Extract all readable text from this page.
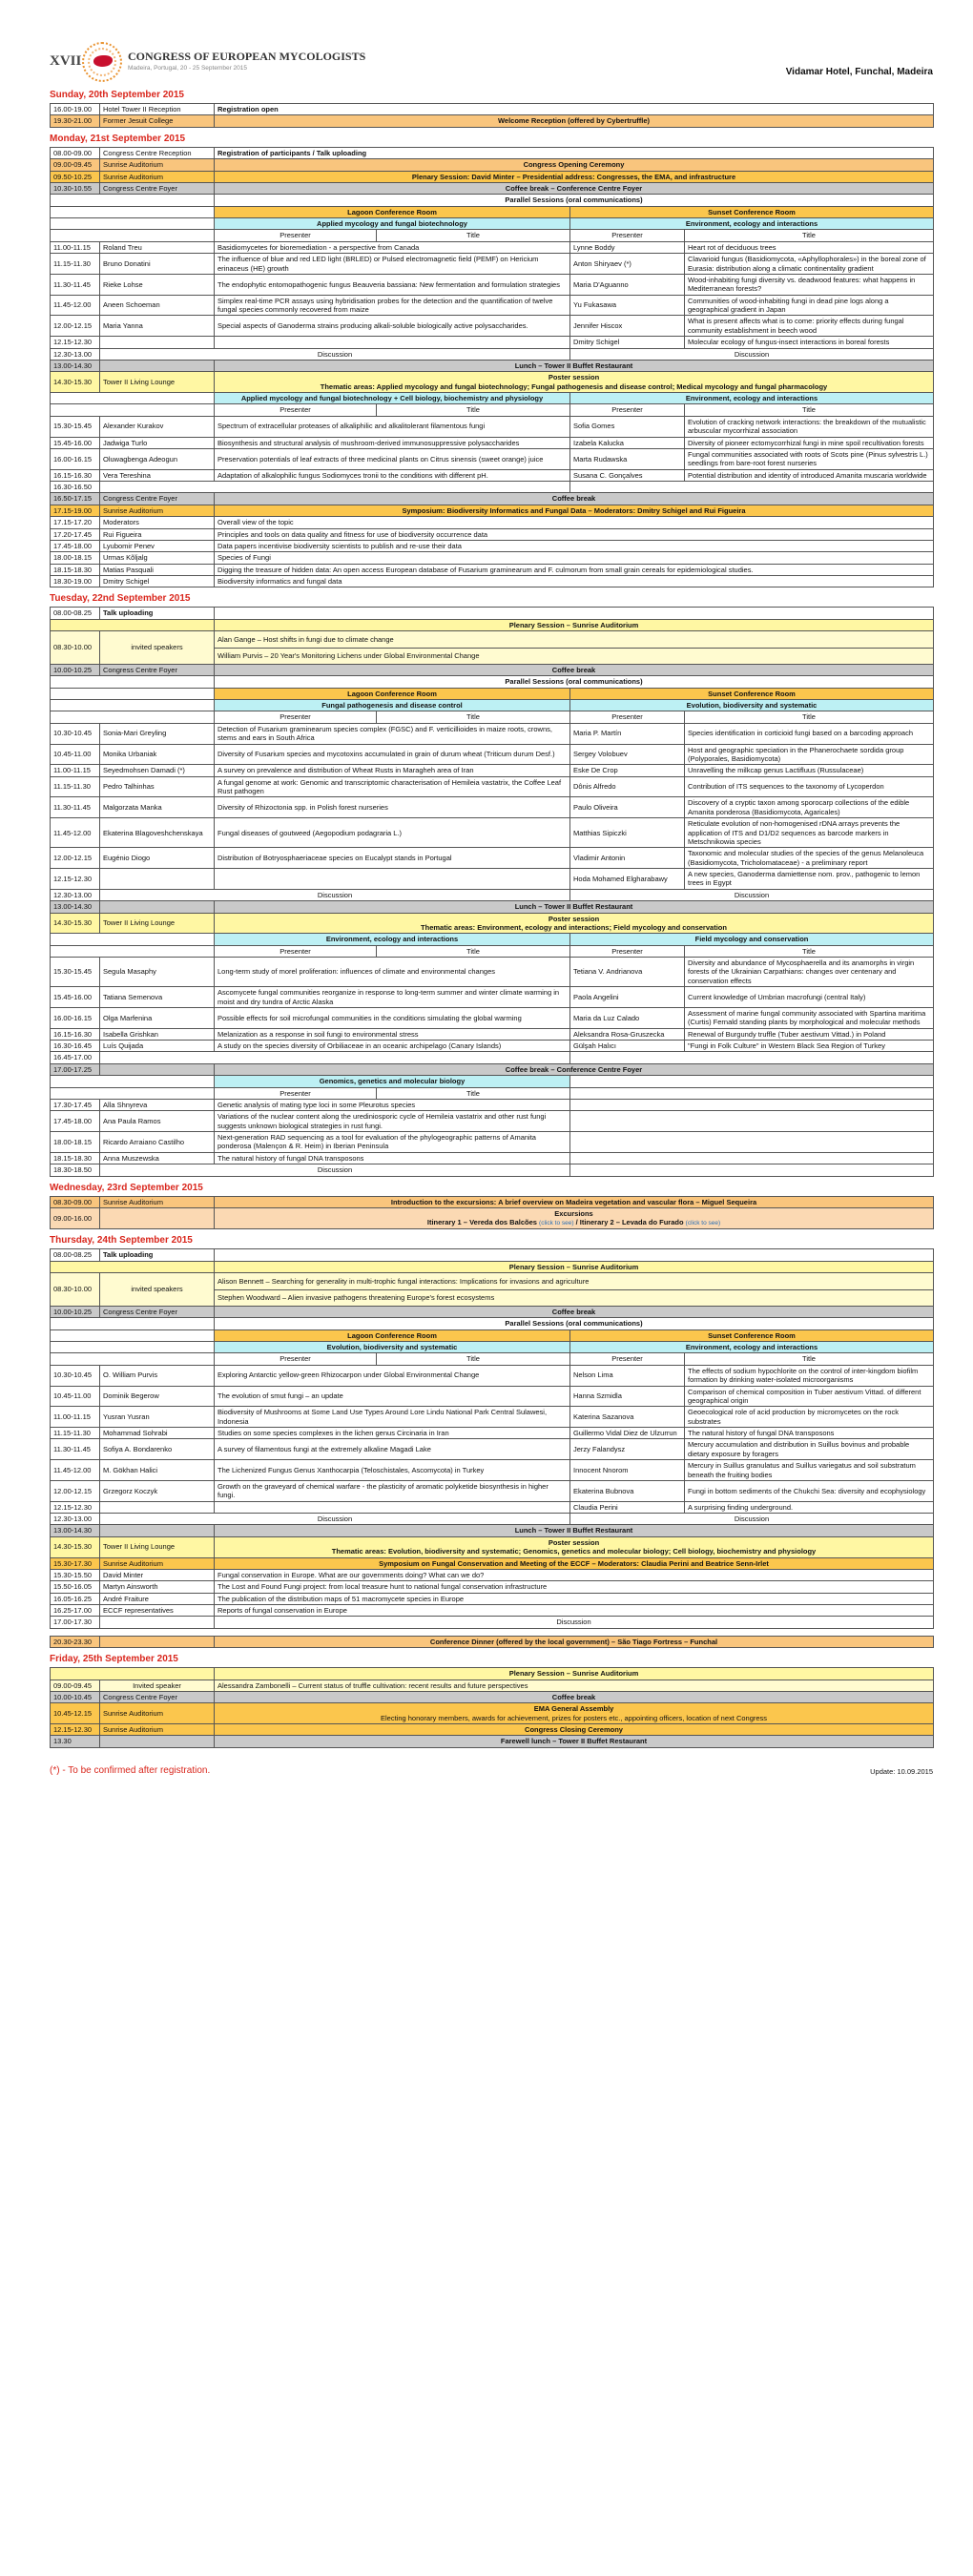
XVII	CONGRESS OF EUROPEAN MYCOLOGISTS
Madeira, Portugal, 20 - 25 September 2015	Vidamar Hotel, Funchal, Madeira
Sunday, 20th September 2015
16.00-19.00	Hotel Tower II Reception	Registration open
19.30-21.00	Former Jesuit College	Welcome Reception (offered by Cybertruffle)
Monday, 21st September 2015
08.00-09.00	Congress Centre Reception	Registration of participants / Talk uploading			
09.00-09.45	Sunrise Auditorium	Congress Opening Ceremony			
09.50-10.25	Sunrise Auditorium	Plenary Session: David Minter – Presidential address: Congresses, the EMA, and infrastructure			
10.30-10.55	Congress Centre Foyer	Coffee break – Conference Centre Foyer			
		Parallel Sessions (oral communications)			
		Lagoon Conference Room		Sunset Conference Room	
		Applied mycology and fungal biotechnology		Environment, ecology and interactions	
		Presenter	Title	Presenter	Title
11.00-11.15	Roland Treu	Basidiomycetes for bioremediation - a perspective from Canada		Lynne Boddy	Heart rot of deciduous trees
11.15-11.30	Bruno Donatini	The influence of blue and red LED light (BRLED) or Pulsed electromagnetic field (PEMF) on Hericium erinaceus (HE) growth		Anton Shiryaev (*)	Clavarioid fungus (Basidiomycota, «Aphyllophorales») in the boreal zone of Eurasia: distribution along a climatic continentality gradient
11.30-11.45	Rieke Lohse	The endophytic entomopathogenic fungus Beauveria bassiana: New fermentation and formulation strategies		Maria D'Aguanno	Wood-inhabiting fungi diversity vs. deadwood features: what happens in Mediterranean forests?
11.45-12.00	Aneen Schoeman	Simplex real-time PCR assays using hybridisation probes for the detection and the quantification of twelve fungal species commonly recovered from maize		Yu Fukasawa	Communities of wood-inhabiting fungi in dead pine logs along a geographical gradient in Japan
12.00-12.15	Maria Yanna	Special aspects of Ganoderma strains producing alkali-soluble biologically active polysaccharides.		Jennifer Hiscox	What is present affects what is to come: priority effects during fungal community establishment in beech wood
12.15-12.30				Dmitry Schigel	Molecular ecology of fungus-insect interactions in boreal forests
12.30-13.00	Discussion			Discussion	
13.00-14.30		Lunch – Tower II Buffet Restaurant			
14.30-15.30	Tower II Living Lounge	Poster session
Thematic areas: Applied mycology and fungal biotechnology; Fungal pathogenesis and disease control; Medical mycology and fungal pharmacology			
		Applied mycology and fungal biotechnology + Cell biology, biochemistry and physiology		Environment, ecology and interactions	
		Presenter	Title	Presenter	Title
15.30-15.45	Alexander Kurakov	Spectrum of extracellular proteases of alkaliphilic and alkalitolerant filamentous fungi		Sofia Gomes	Evolution of cracking network interactions: the breakdown of the mutualistic arbuscular mycorrhizal association
15.45-16.00	Jadwiga Turlo	Biosynthesis and structural analysis of mushroom-derived immunosuppressive polysaccharides		Izabela Kalucka	Diversity of pioneer ectomycorrhizal fungi in mine spoil recultivation forests
16.00-16.15	Oluwagbenga Adeogun	Preservation potentials of leaf extracts of three medicinal plants on Citrus sinensis (sweet orange) juice		Marta Rudawska	Fungal communities associated with roots of Scots pine (Pinus sylvestris L.) seedlings from bare-root forest nurseries
16.15-16.30	Vera Tereshina	Adaptation of alkalophilic fungus Sodiomyces tronii to the conditions with different pH.		Susana C. Gonçalves	Potential distribution and identity of introduced Amanita muscaria worldwide
16.30-16.50					
16.50-17.15	Congress Centre Foyer	Coffee break			
17.15-19.00	Sunrise Auditorium	Symposium: Biodiversity Informatics and Fungal Data – Moderators: Dmitry Schigel and Rui Figueira			
17.15-17.20	Moderators	Overall view of the topic			
17.20-17.45	Rui Figueira	Principles and tools on data quality and fitness for use of biodiversity occurrence data			
17.45-18.00	Lyubomir Penev	Data papers incentivise biodiversity scientists to publish and re-use their data			
18.00-18.15	Urmas Kõljalg	Species of Fungi			
18.15-18.30	Matias Pasquali	Digging the treasure of hidden data: An open access European database of Fusarium graminearum and F. culmorum from small grain cereals for epidemiological studies.			
18.30-19.00	Dmitry Schigel	Biodiversity informatics and fungal data			
Tuesday, 22nd September 2015
08.00-08.25	Talk uploading				
		Plenary Session – Sunrise Auditorium			
08.30-10.00	invited speakers	Alan Gange – Host shifts in fungi due to climate change
William Purvis – 20 Year's Monitoring Lichens under Global Environmental Change			
10.00-10.25	Congress Centre Foyer	Coffee break			
		Parallel Sessions (oral communications)			
		Lagoon Conference Room		Sunset Conference Room	
		Fungal pathogenesis and disease control		Evolution, biodiversity and systematic	
		Presenter	Title	Presenter	Title
10.30-10.45	Sonia-Mari Greyling	Detection of Fusarium graminearum species complex (FGSC) and F. verticillioides in maize roots, crowns, stems and ears in South Africa		Maria P. Martín	Species identification in corticioid fungi based on a barcoding approach
10.45-11.00	Monika Urbaniak	Diversity of Fusarium species and mycotoxins accumulated in grain of durum wheat (Triticum durum Desf.)		Sergey Volobuev	Host and geographic speciation in the Phanerochaete sordida group (Polyporales, Basidiomycota)
11.00-11.15	Seyedmohsen Damadi (*)	A survey on prevalence and distribution of Wheat Rusts in Maragheh area of Iran		Eske De Crop	Unravelling the milkcap genus Lactifluus (Russulaceae)
11.15-11.30	Pedro Talhinhas	A fungal genome at work: Genomic and transcriptomic characterisation of Hemileia vastatrix, the Coffee Leaf Rust pathogen		Dônis Alfredo	Contribution of ITS sequences to the taxonomy of Lycoperdon
11.30-11.45	Malgorzata Manka	Diversity of Rhizoctonia spp. in Polish forest nurseries		Paulo Oliveira	Discovery of a cryptic taxon among sporocarp collections of the edible Amanita ponderosa (Basidiomycota, Agaricales)
11.45-12.00	Ekaterina Blagoveshchenskaya	Fungal diseases of goutweed (Aegopodium podagraria L.)		Matthias Sipiczki	Reticulate evolution of non-homogenised rDNA arrays prevents the application of ITS and D1/D2 sequences as barcode markers in Metschnikowia species
12.00-12.15	Eugénio Diogo	Distribution of Botryosphaeriaceae species on Eucalypt stands in Portugal		Vladimir Antonin	Taxonomic and molecular studies of the species of the genus Melanoleuca (Basidiomycota, Tricholomataceae) - a preliminary report
12.15-12.30				Hoda Mohamed Elgharabawy	A new species, Ganoderma damiettense nom. prov., pathogenic to lemon trees in Egypt
12.30-13.00	Discussion			Discussion	
13.00-14.30		Lunch – Tower II Buffet Restaurant			
14.30-15.30	Tower II Living Lounge	Poster session
Thematic areas: Environment, ecology and interactions; Field mycology and conservation			
		Environment, ecology and interactions		Field mycology and conservation	
		Presenter	Title	Presenter	Title
15.30-15.45	Segula Masaphy	Long-term study of morel proliferation: influences of climate and environmental changes		Tetiana V. Andrianova	Diversity and abundance of Mycosphaerella and its anamorphs in virgin forests of the Ukrainian Carpathians: changes over centenary and conservation effects
15.45-16.00	Tatiana Semenova	Ascomycete fungal communities reorganize in response to long-term summer and winter climate warming in moist and dry tundra of Arctic Alaska		Paola Angelini	Current knowledge of Umbrian macrofungi (central Italy)
16.00-16.15	Olga Marfenina	Possible effects for soil microfungal communities in the conditions simulating the global warming		Maria da Luz Calado	Assessment of marine fungal community associated with Spartina maritima (Curtis) Fernald standing plants by morphological and molecular methods
16.15-16.30	Isabella Grishkan	Melanization as a response in soil fungi to environmental stress		Aleksandra Rosa-Gruszecka	Renewal of Burgundy truffle (Tuber aestivum Vittad.) in Poland
16.30-16.45	Luís Quijada	A study on the species diversity of Orbiliaceae in an oceanic archipelago (Canary Islands)		Gülşah Halıcı	"Fungi in Folk Culture" in Western Black Sea Region of Turkey
16.45-17.00					
17.00-17.25		Coffee break – Conference Centre Foyer			
		Genomics, genetics and molecular biology			
		Presenter	Title		
17.30-17.45	Alla Shnyreva	Genetic analysis of mating type loci in some Pleurotus species			
17.45-18.00	Ana Paula Ramos	Variations of the nuclear content along the urediniosporic cycle of Hemileia vastatrix and other rust fungi suggests unknown biological strategies in rust fungi.			
18.00-18.15	Ricardo Arraiano Castilho	Next-generation RAD sequencing as a tool for evaluation of the phylogeographic patterns of Amanita ponderosa (Malençon & R. Heim) in Iberian Peninsula			
18.15-18.30	Anna Muszewska	The natural history of fungal DNA transposons			
18.30-18.50	Discussion				
Wednesday, 23rd September 2015
08.30-09.00	Sunrise Auditorium	Introduction to the excursions: A brief overview on Madeira vegetation and vascular flora – Miguel Sequeira
09.00-16.00		Excursions
Itinerary 1 – Vereda dos Balcões (click to see) / Itinerary 2 – Levada do Furado (click to see)
Thursday, 24th September 2015
08.00-08.25	Talk uploading				
		Plenary Session – Sunrise Auditorium			
08.30-10.00	invited speakers	Alison Bennett – Searching for generality in multi-trophic fungal interactions: Implications for invasions and agriculture
Stephen Woodward – Alien invasive pathogens threatening Europe's forest ecosystems			
10.00-10.25	Congress Centre Foyer	Coffee break			
		Parallel Sessions (oral communications)			
		Lagoon Conference Room		Sunset Conference Room	
		Evolution, biodiversity and systematic		Environment, ecology and interactions	
		Presenter	Title	Presenter	Title
10.30-10.45	O. William Purvis	Exploring Antarctic yellow-green Rhizocarpon under Global Environmental Change		Nelson Lima	The effects of sodium hypochlorite on the control of inter-kingdom biofilm formation by drinking water-isolated microorganisms
10.45-11.00	Dominik Begerow	The evolution of smut fungi – an update		Hanna Szmidla	Comparison of chemical composition in Tuber aestivum Vittad. of different geographical origin
11.00-11.15	Yusran Yusran	Biodiversity of Mushrooms at Some Land Use Types Around Lore Lindu National Park Central Sulawesi, Indonesia		Katerina Sazanova	Geoecological role of acid production by micromycetes on the rock substrates
11.15-11.30	Mohammad Sohrabi	Studies on some species complexes in the lichen genus Circinaria in Iran		Guillermo Vidal Diez de Ulzurrun	The natural history of fungal DNA transposons
11.30-11.45	Sofiya A. Bondarenko	A survey of filamentous fungi at the extremely alkaline Magadi Lake		Jerzy Falandysz	Mercury accumulation and distribution in Suillus bovinus and probable dietary exposure by foragers
11.45-12.00	M. Gökhan Halici	The Lichenized Fungus Genus Xanthocarpia (Teloschistales, Ascomycota) in Turkey		Innocent Nnorom	Mercury in Suillus granulatus and Suillus variegatus and soil substratum beneath the fruiting bodies
12.00-12.15	Grzegorz Koczyk	Growth on the graveyard of chemical warfare - the plasticity of aromatic polyketide biosynthesis in higher fungi.		Ekaterina Bubnova	Fungi in bottom sediments of the Chukchi Sea: diversity and ecophysiology
12.15-12.30				Claudia Perini	A surprising finding underground.
12.30-13.00	Discussion			Discussion	
13.00-14.30		Lunch – Tower II Buffet Restaurant			
14.30-15.30	Tower II Living Lounge	Poster session
Thematic areas: Evolution, biodiversity and systematic; Genomics, genetics and molecular biology; Cell biology, biochemistry and physiology			
15.30-17.30	Sunrise Auditorium	Symposium on Fungal Conservation and Meeting of the ECCF – Moderators: Claudia Perini and Beatrice Senn-Irlet			
15.30-15.50	David Minter	Fungal conservation in Europe. What are our governments doing? What can we do?			
15.50-16.05	Martyn Ainsworth	The Lost and Found Fungi project: from local treasure hunt to national fungal conservation infrastructure			
16.05-16.25	André Fraiture	The publication of the distribution maps of 51 macromycete species in Europe			
16.25-17.00	ECCF representatives	Reports of fungal conservation in Europe			
17.00-17.30		Discussion			

20.30-23.30		Conference Dinner (offered by the local government) – São Tiago Fortress – Funchal			
Friday, 25th September 2015
		Plenary Session – Sunrise Auditorium
09.00-09.45	Invited speaker	Alessandra Zambonelli – Current status of truffle cultivation: recent results and future perspectives
10.00-10.45	Congress Centre Foyer	Coffee break
10.45-12.15	Sunrise Auditorium	EMA General Assembly
Electing honorary members, awards for achievement, prizes for posters etc., appointing officers, location of next Congress
12.15-12.30	Sunrise Auditorium	Congress Closing Ceremony
13.30		Farewell lunch – Tower II Buffet Restaurant
(*) - To be confirmed after registration.	Update: 10.09.2015
